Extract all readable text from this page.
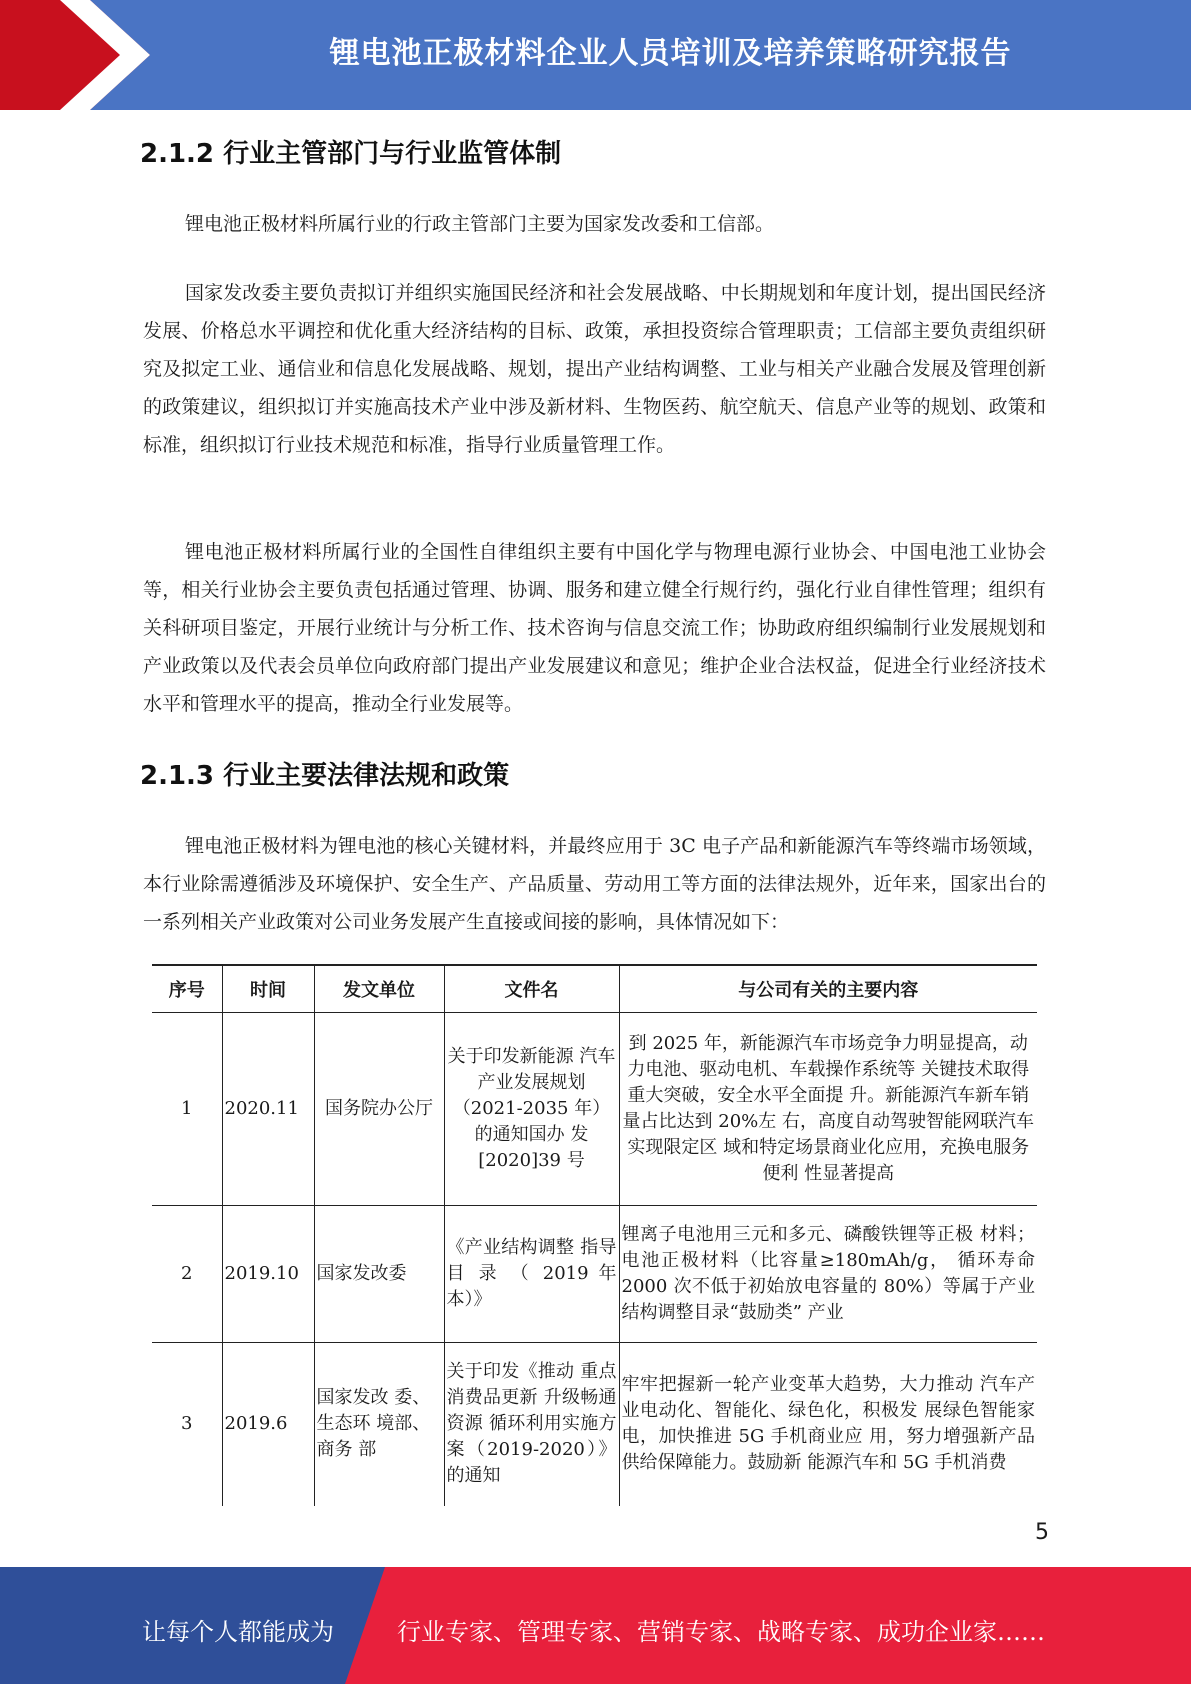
锂电池正极材料企业人员培训及培养策略研究报告
2.1.2 行业主管部门与行业监管体制

锂电池正极材料所属行业的行政主管部门主要为国家发改委和工信部。

国家发改委主要负责拟订并组织实施国民经济和社会发展战略、中长期规划和年度计划，提出国民经济发展、价格总水平调控和优化重大经济结构的目标、政策，承担投资综合管理职责；工信部主要负责组织研究及拟定工业、通信业和信息化发展战略、规划，提出产业结构调整、工业与相关产业融合发展及管理创新的政策建议，组织拟订并实施高技术产业中涉及新材料、生物医药、航空航天、信息产业等的规划、政策和标准，组织拟订行业技术规范和标准，指导行业质量管理工作。

锂电池正极材料所属行业的全国性自律组织主要有中国化学与物理电源行业协会、中国电池工业协会等，相关行业协会主要负责包括通过管理、协调、服务和建立健全行规行约，强化行业自律性管理；组织有关科研项目鉴定，开展行业统计与分析工作、技术咨询与信息交流工作；协助政府组织编制行业发展规划和产业政策以及代表会员单位向政府部门提出产业发展建议和意见；维护企业合法权益，促进全行业经济技术水平和管理水平的提高，推动全行业发展等。

2.1.3 行业主要法律法规和政策

锂电池正极材料为锂电池的核心关键材料，并最终应用于 3C 电子产品和新能源汽车等终端市场领域，本行业除需遵循涉及环境保护、安全生产、产品质量、劳动用工等方面的法律法规外，近年来，国家出台的一系列相关产业政策对公司业务发展产生直接或间接的影响，具体情况如下：

序号	时间	发文单位	文件名	与公司有关的主要内容
1	2020.11	国务院办公厅	关于印发新能源 汽车产业发展规划（2021-2035 年）的通知国办 发[2020]39 号	到 2025 年，新能源汽车市场竞争力明显提高，动力电池、驱动电机、车载操作系统等 关键技术取得重大突破，安全水平全面提 升。新能源汽车新车销量占比达到 20%左 右，高度自动驾驶智能网联汽车实现限定区 域和特定场景商业化应用，充换电服务便利 性显著提高
2	2019.10	国家发改委	《产业结构调整 指导 目 录 （ 2019 年本）》	锂离子电池用三元和多元、磷酸铁锂等正极 材料；电池正极材料（比容量≥180mAh/g， 循环寿命 2000 次不低于初始放电容量的 80%）等属于产业结构调整目录“鼓励类” 产业
3	2019.6	国家发改 委、生态环 境部、商务 部	关于印发《推动 重点消费品更新 升级畅通资源 循环利用实施方 案（2019-2020）》 的通知	牢牢把握新一轮产业变革大趋势，大力推动 汽车产业电动化、智能化、绿色化，积极发 展绿色智能家电，加快推进 5G 手机商业应 用，努力增强新产品供给保障能力。鼓励新 能源汽车和 5G 手机消费
5
让每个人都能成为	行业专家、管理专家、营销专家、战略专家、成功企业家……
